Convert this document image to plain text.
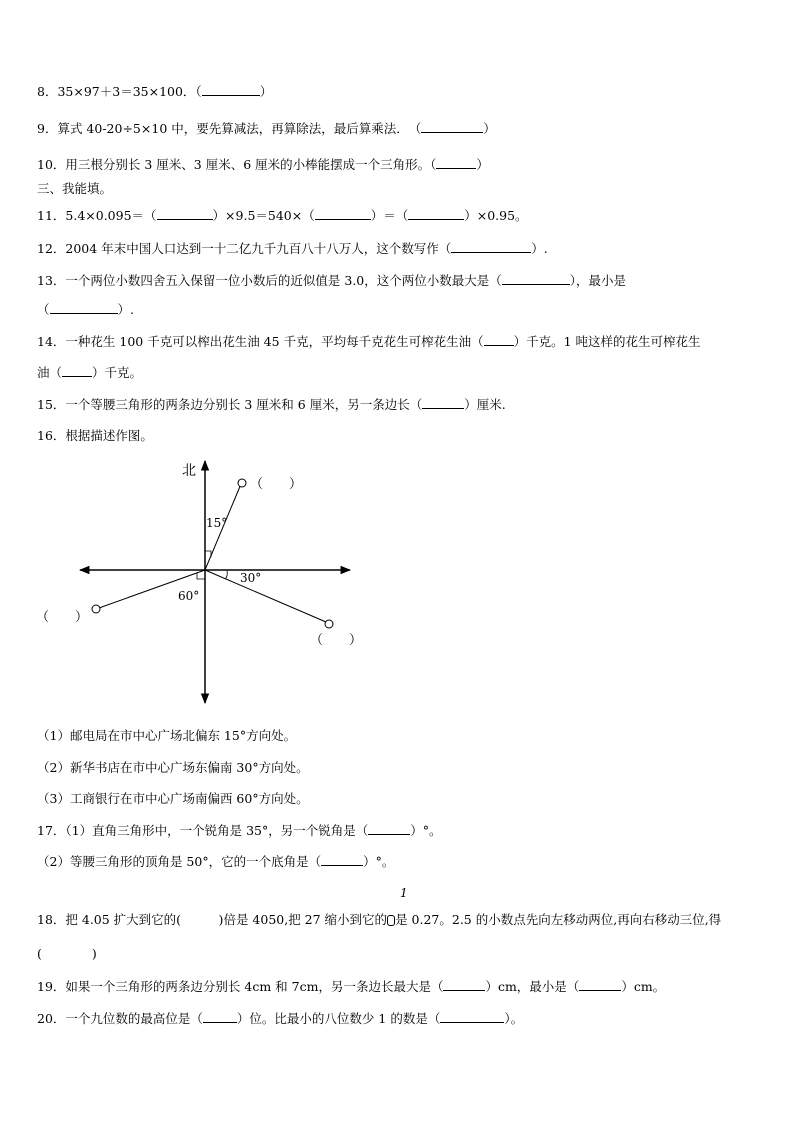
8．35×97＋3＝35×100．（	）
9．算式 40-20÷5×10 中，要先算减法，再算除法，最后算乘法．　（	）
10．用三根分别长 3 厘米、3 厘米、6 厘米的小棒能摆成一个三角形。（	）
三、我能填。
11．5.4×0.095＝（	）×9.5＝540×（	）＝（	）×0.95。
12．2004 年末中国人口达到一十二亿九千九百八十八万人，这个数写作（	）.
13．一个两位小数四舍五入保留一位小数后的近似值是 3.0，这个两位小数最大是（	），最小是
（	）.
14．一种花生 100 千克可以榨出花生油 45 千克，平均每千克花生可榨花生油（ ）千克。1 吨这样的花生可榨花生
油（ ）千克。
15．一个等腰三角形的两条边分别长 3 厘米和 6 厘米，另一条边长（	）厘米.
16．根据描述作图。
北
（　　）
15°
（　　）
30°
（　　）
60°
（1）邮电局在市中心广场北偏东 15°方向处。
（2）新华书店在市中心广场东偏南 30°方向处。
（3）工商银行在市中心广场南偏西 60°方向处。
17．（1）直角三角形中，一个锐角是 35°，另一个锐角是（	）°。
（2）等腰三角形的顶角是 50°，它的一个底角是（	）°。
1
18．把 4.05 扩大到它的(　　　)倍是 4050,把 27 缩小到它的 是 0.27。2.5 的小数点先向左移动两位,再向右移动三位,得
(　　　　)
19．如果一个三角形的两条边分别长 4cm 和 7cm，另一条边长最大是（	）cm，最小是（	）cm。
20．一个九位数的最高位是（	）位。比最小的八位数少 1 的数是（	）。
